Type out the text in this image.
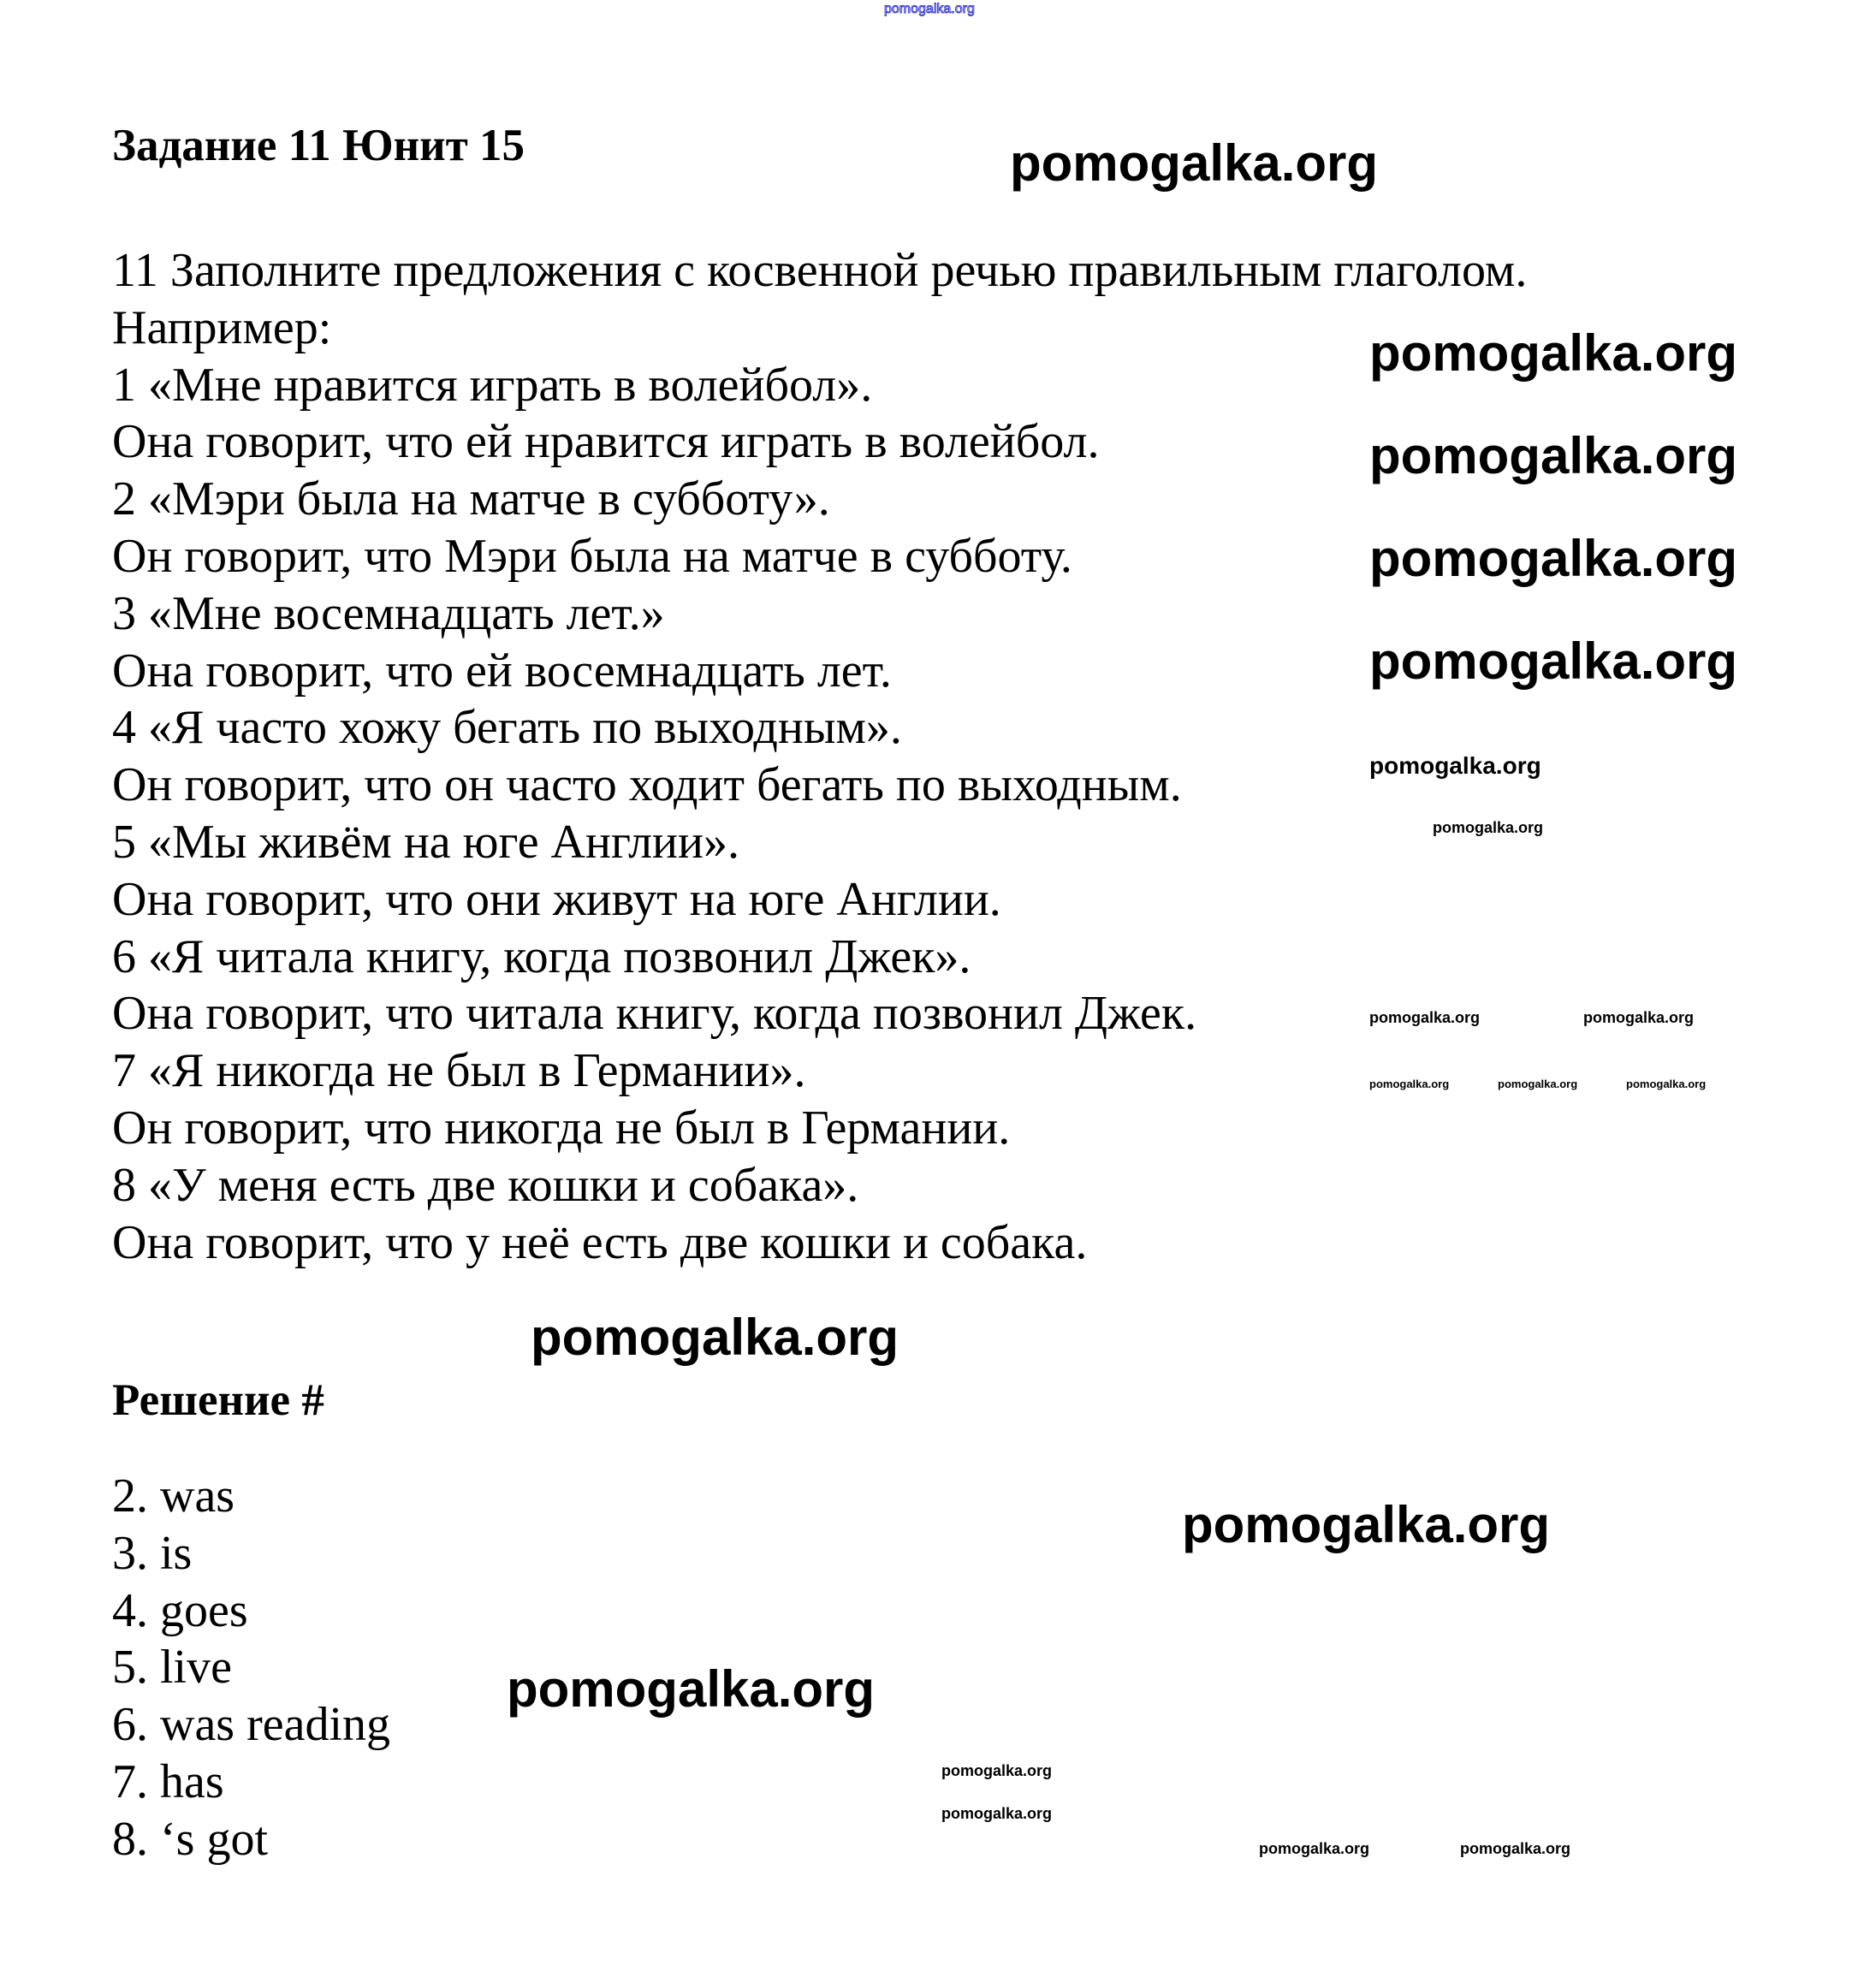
pomogalka.org
Задание 11 Юнит 15
11 Заполните предложения с косвенной речью правильным глаголом.
Например:
1 «Мне нравится играть в волейбол».
Она говорит, что ей нравится играть в волейбол.
2 «Мэри была на матче в субботу».
Он говорит, что Мэри была на матче в субботу.
3 «Мне восемнадцать лет.»
Она говорит, что ей восемнадцать лет.
4 «Я часто хожу бегать по выходным».
Он говорит, что он часто ходит бегать по выходным.
5 «Мы живём на юге Англии».
Она говорит, что они живут на юге Англии.
6 «Я читала книгу, когда позвонил Джек».
Она говорит, что читала книгу, когда позвонил Джек.
7 «Я никогда не был в Германии».
Он говорит, что никогда не был в Германии.
8 «У меня есть две кошки и собака».
Она говорит, что у неё есть две кошки и собака.
Решение #
2. was
3. is
4. goes
5. live
6. was reading
7. has
8. ‘s got
pomogalka.org
pomogalka.org
pomogalka.org
pomogalka.org
pomogalka.org
pomogalka.org
pomogalka.org
pomogalka.org
pomogalka.org
pomogalka.org
pomogalka.org	pomogalka.org
pomogalka.org	pomogalka.org	pomogalka.org
pomogalka.org
pomogalka.org
pomogalka.org	pomogalka.org
